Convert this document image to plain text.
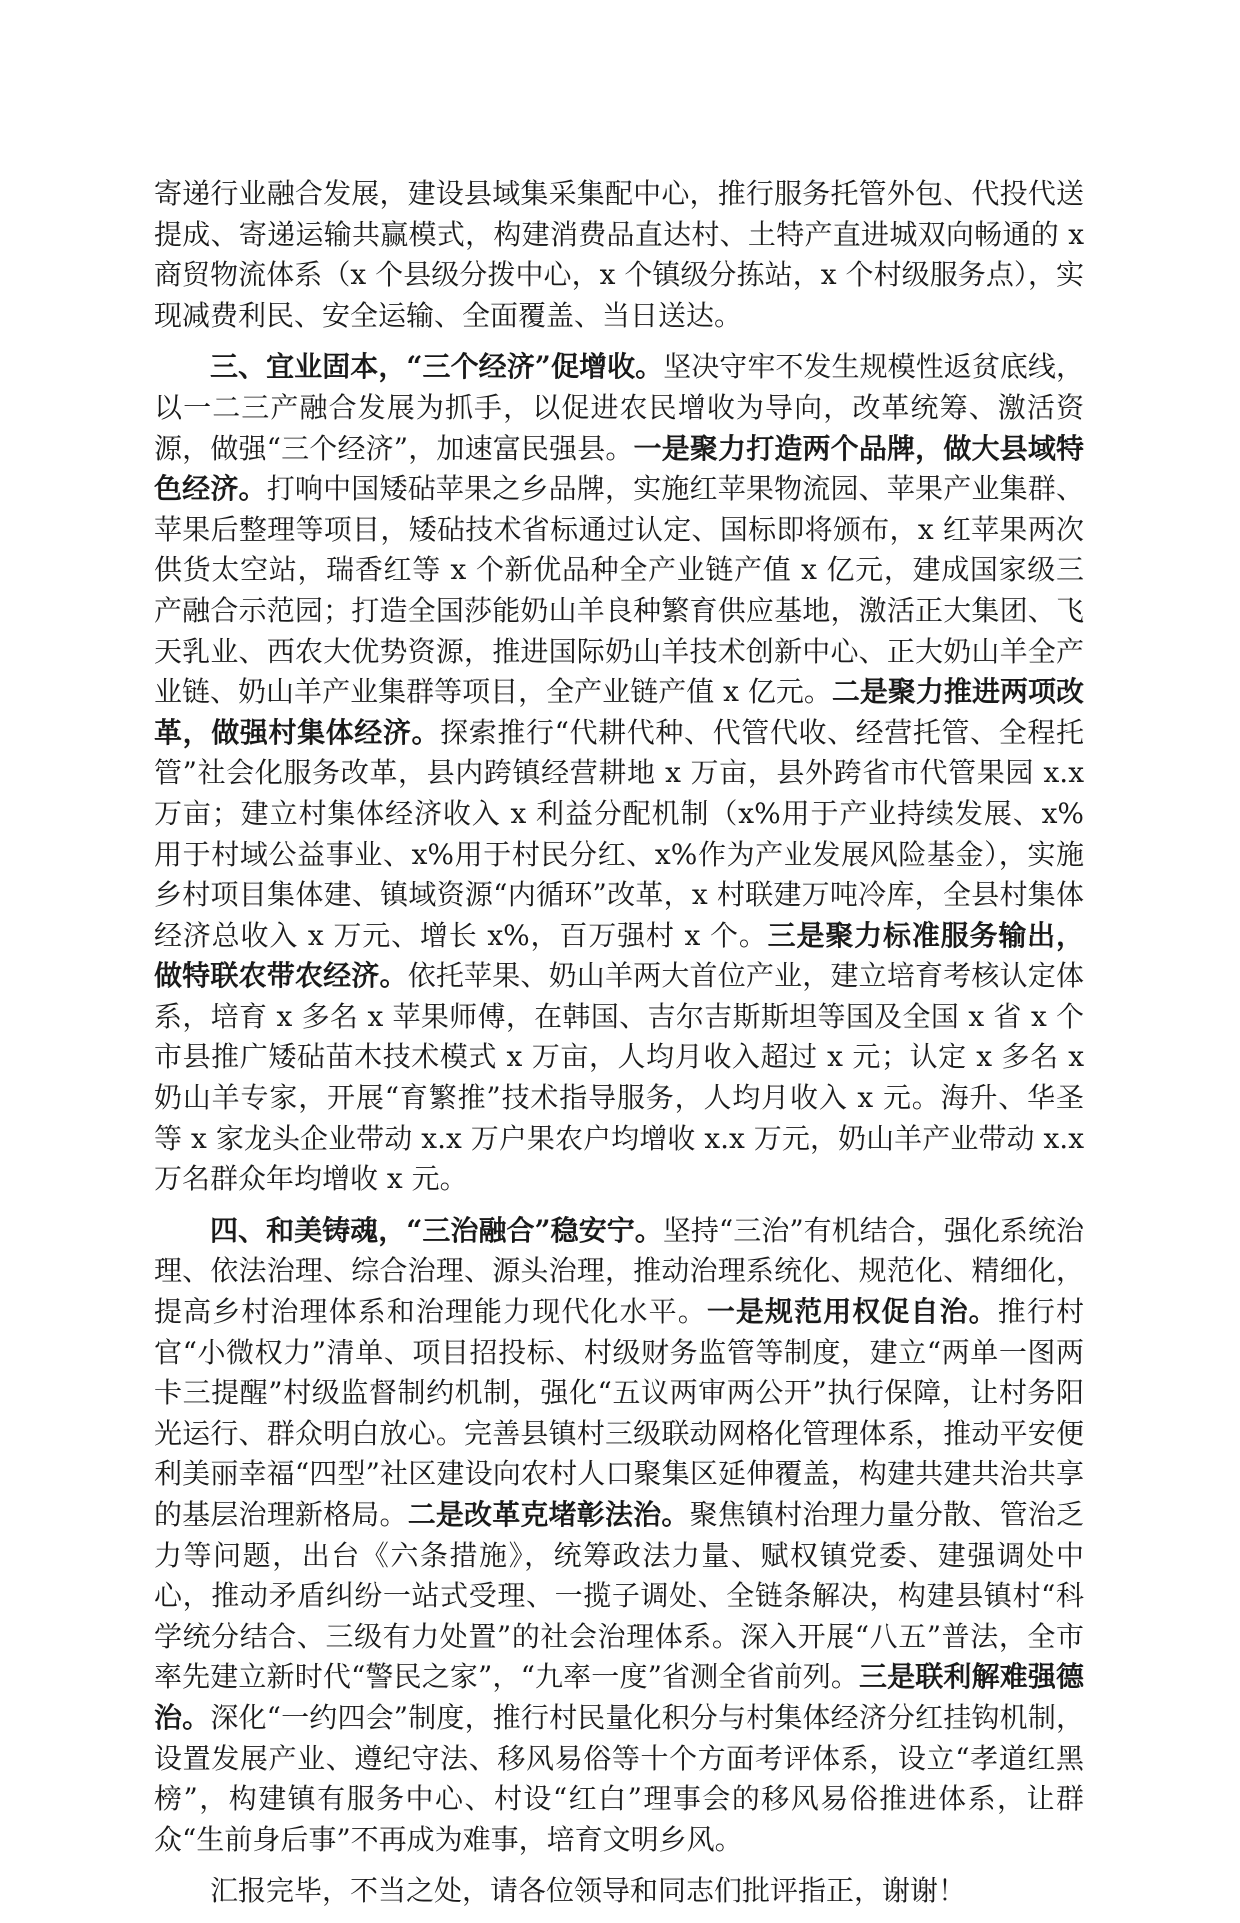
寄递行业融合发展，建设县域集采集配中心，推行服务托管外包、代投代送提成、寄递运输共赢模式，构建消费品直达村、土特产直进城双向畅通的 x 商贸物流体系（x 个县级分拨中心，x 个镇级分拣站，x 个村级服务点），实现减费利民、安全运输、全面覆盖、当日送达。

三、宜业固本，“三个经济”促增收。坚决守牢不发生规模性返贫底线，以一二三产融合发展为抓手，以促进农民增收为导向，改革统筹、激活资源，做强“三个经济”，加速富民强县。一是聚力打造两个品牌，做大县域特色经济。打响中国矮砧苹果之乡品牌，实施红苹果物流园、苹果产业集群、苹果后整理等项目，矮砧技术省标通过认定、国标即将颁布，x 红苹果两次供货太空站，瑞香红等 x 个新优品种全产业链产值 x 亿元，建成国家级三产融合示范园；打造全国莎能奶山羊良种繁育供应基地，激活正大集团、飞天乳业、西农大优势资源，推进国际奶山羊技术创新中心、正大奶山羊全产业链、奶山羊产业集群等项目，全产业链产值 x 亿元。二是聚力推进两项改革，做强村集体经济。探索推行“代耕代种、代管代收、经营托管、全程托管”社会化服务改革，县内跨镇经营耕地 x 万亩，县外跨省市代管果园 x.x 万亩；建立村集体经济收入 x 利益分配机制（x%用于产业持续发展、x%用于村域公益事业、x%用于村民分红、x%作为产业发展风险基金），实施乡村项目集体建、镇域资源“内循环”改革，x 村联建万吨冷库，全县村集体经济总收入 x 万元、增长 x%，百万强村 x 个。三是聚力标准服务输出，做特联农带农经济。依托苹果、奶山羊两大首位产业，建立培育考核认定体系，培育 x 多名 x 苹果师傅，在韩国、吉尔吉斯斯坦等国及全国 x 省 x 个市县推广矮砧苗木技术模式 x 万亩，人均月收入超过 x 元；认定 x 多名 x 奶山羊专家，开展“育繁推”技术指导服务，人均月收入 x 元。海升、华圣等 x 家龙头企业带动 x.x 万户果农户均增收 x.x 万元，奶山羊产业带动 x.x 万名群众年均增收 x 元。

四、和美铸魂，“三治融合”稳安宁。坚持“三治”有机结合，强化系统治理、依法治理、综合治理、源头治理，推动治理系统化、规范化、精细化，提高乡村治理体系和治理能力现代化水平。一是规范用权促自治。推行村官“小微权力”清单、项目招投标、村级财务监管等制度，建立“两单一图两卡三提醒”村级监督制约机制，强化“五议两审两公开”执行保障，让村务阳光运行、群众明白放心。完善县镇村三级联动网格化管理体系，推动平安便利美丽幸福“四型”社区建设向农村人口聚集区延伸覆盖，构建共建共治共享的基层治理新格局。二是改革克堵彰法治。聚焦镇村治理力量分散、管治乏力等问题，出台《六条措施》，统筹政法力量、赋权镇党委、建强调处中心，推动矛盾纠纷一站式受理、一揽子调处、全链条解决，构建县镇村“科学统分结合、三级有力处置”的社会治理体系。深入开展“八五”普法，全市率先建立新时代“警民之家”，“九率一度”省测全省前列。三是联利解难强德治。深化“一约四会”制度，推行村民量化积分与村集体经济分红挂钩机制，设置发展产业、遵纪守法、移风易俗等十个方面考评体系，设立“孝道红黑榜”，构建镇有服务中心、村设“红白”理事会的移风易俗推进体系，让群众“生前身后事”不再成为难事，培育文明乡风。

汇报完毕，不当之处，请各位领导和同志们批评指正，谢谢！
